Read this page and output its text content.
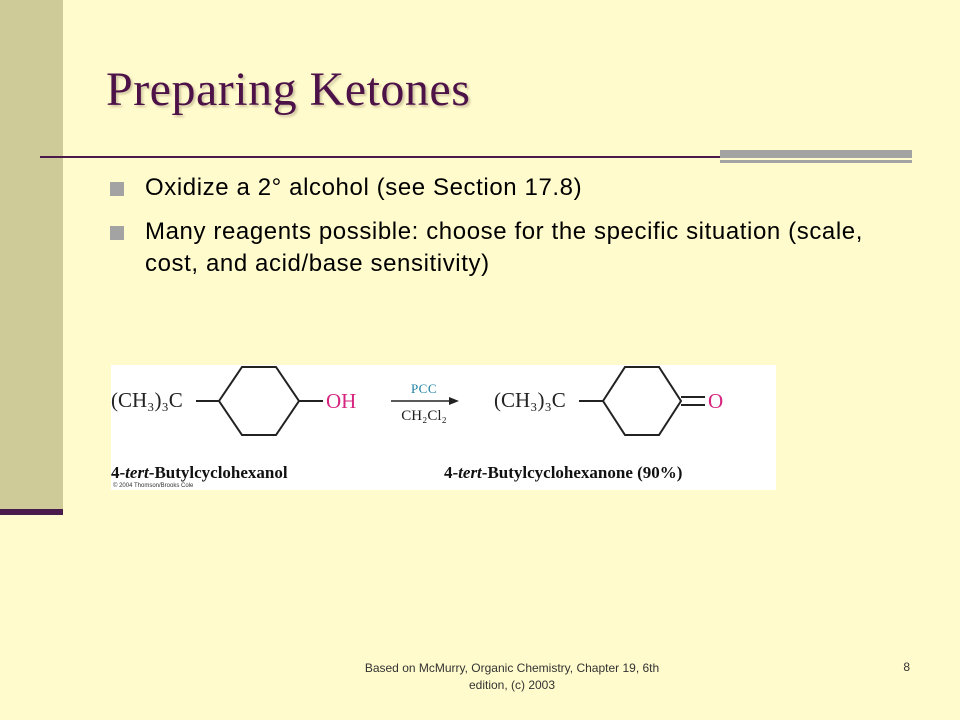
Preparing Ketones
Oxidize a 2° alcohol (see Section 17.8)
Many reagents possible: choose for the specific situation (scale, cost, and acid/base sensitivity)
(CH₃)₃C	OH
PCC
CH₂Cl₂
(CH₃)₃C	O
4-tert-Butylcyclohexanol	4-tert-Butylcyclohexanone (90%)
© 2004 Thomson/Brooks Cole
Based on McMurry, Organic Chemistry, Chapter 19, 6th edition, (c) 2003
8
